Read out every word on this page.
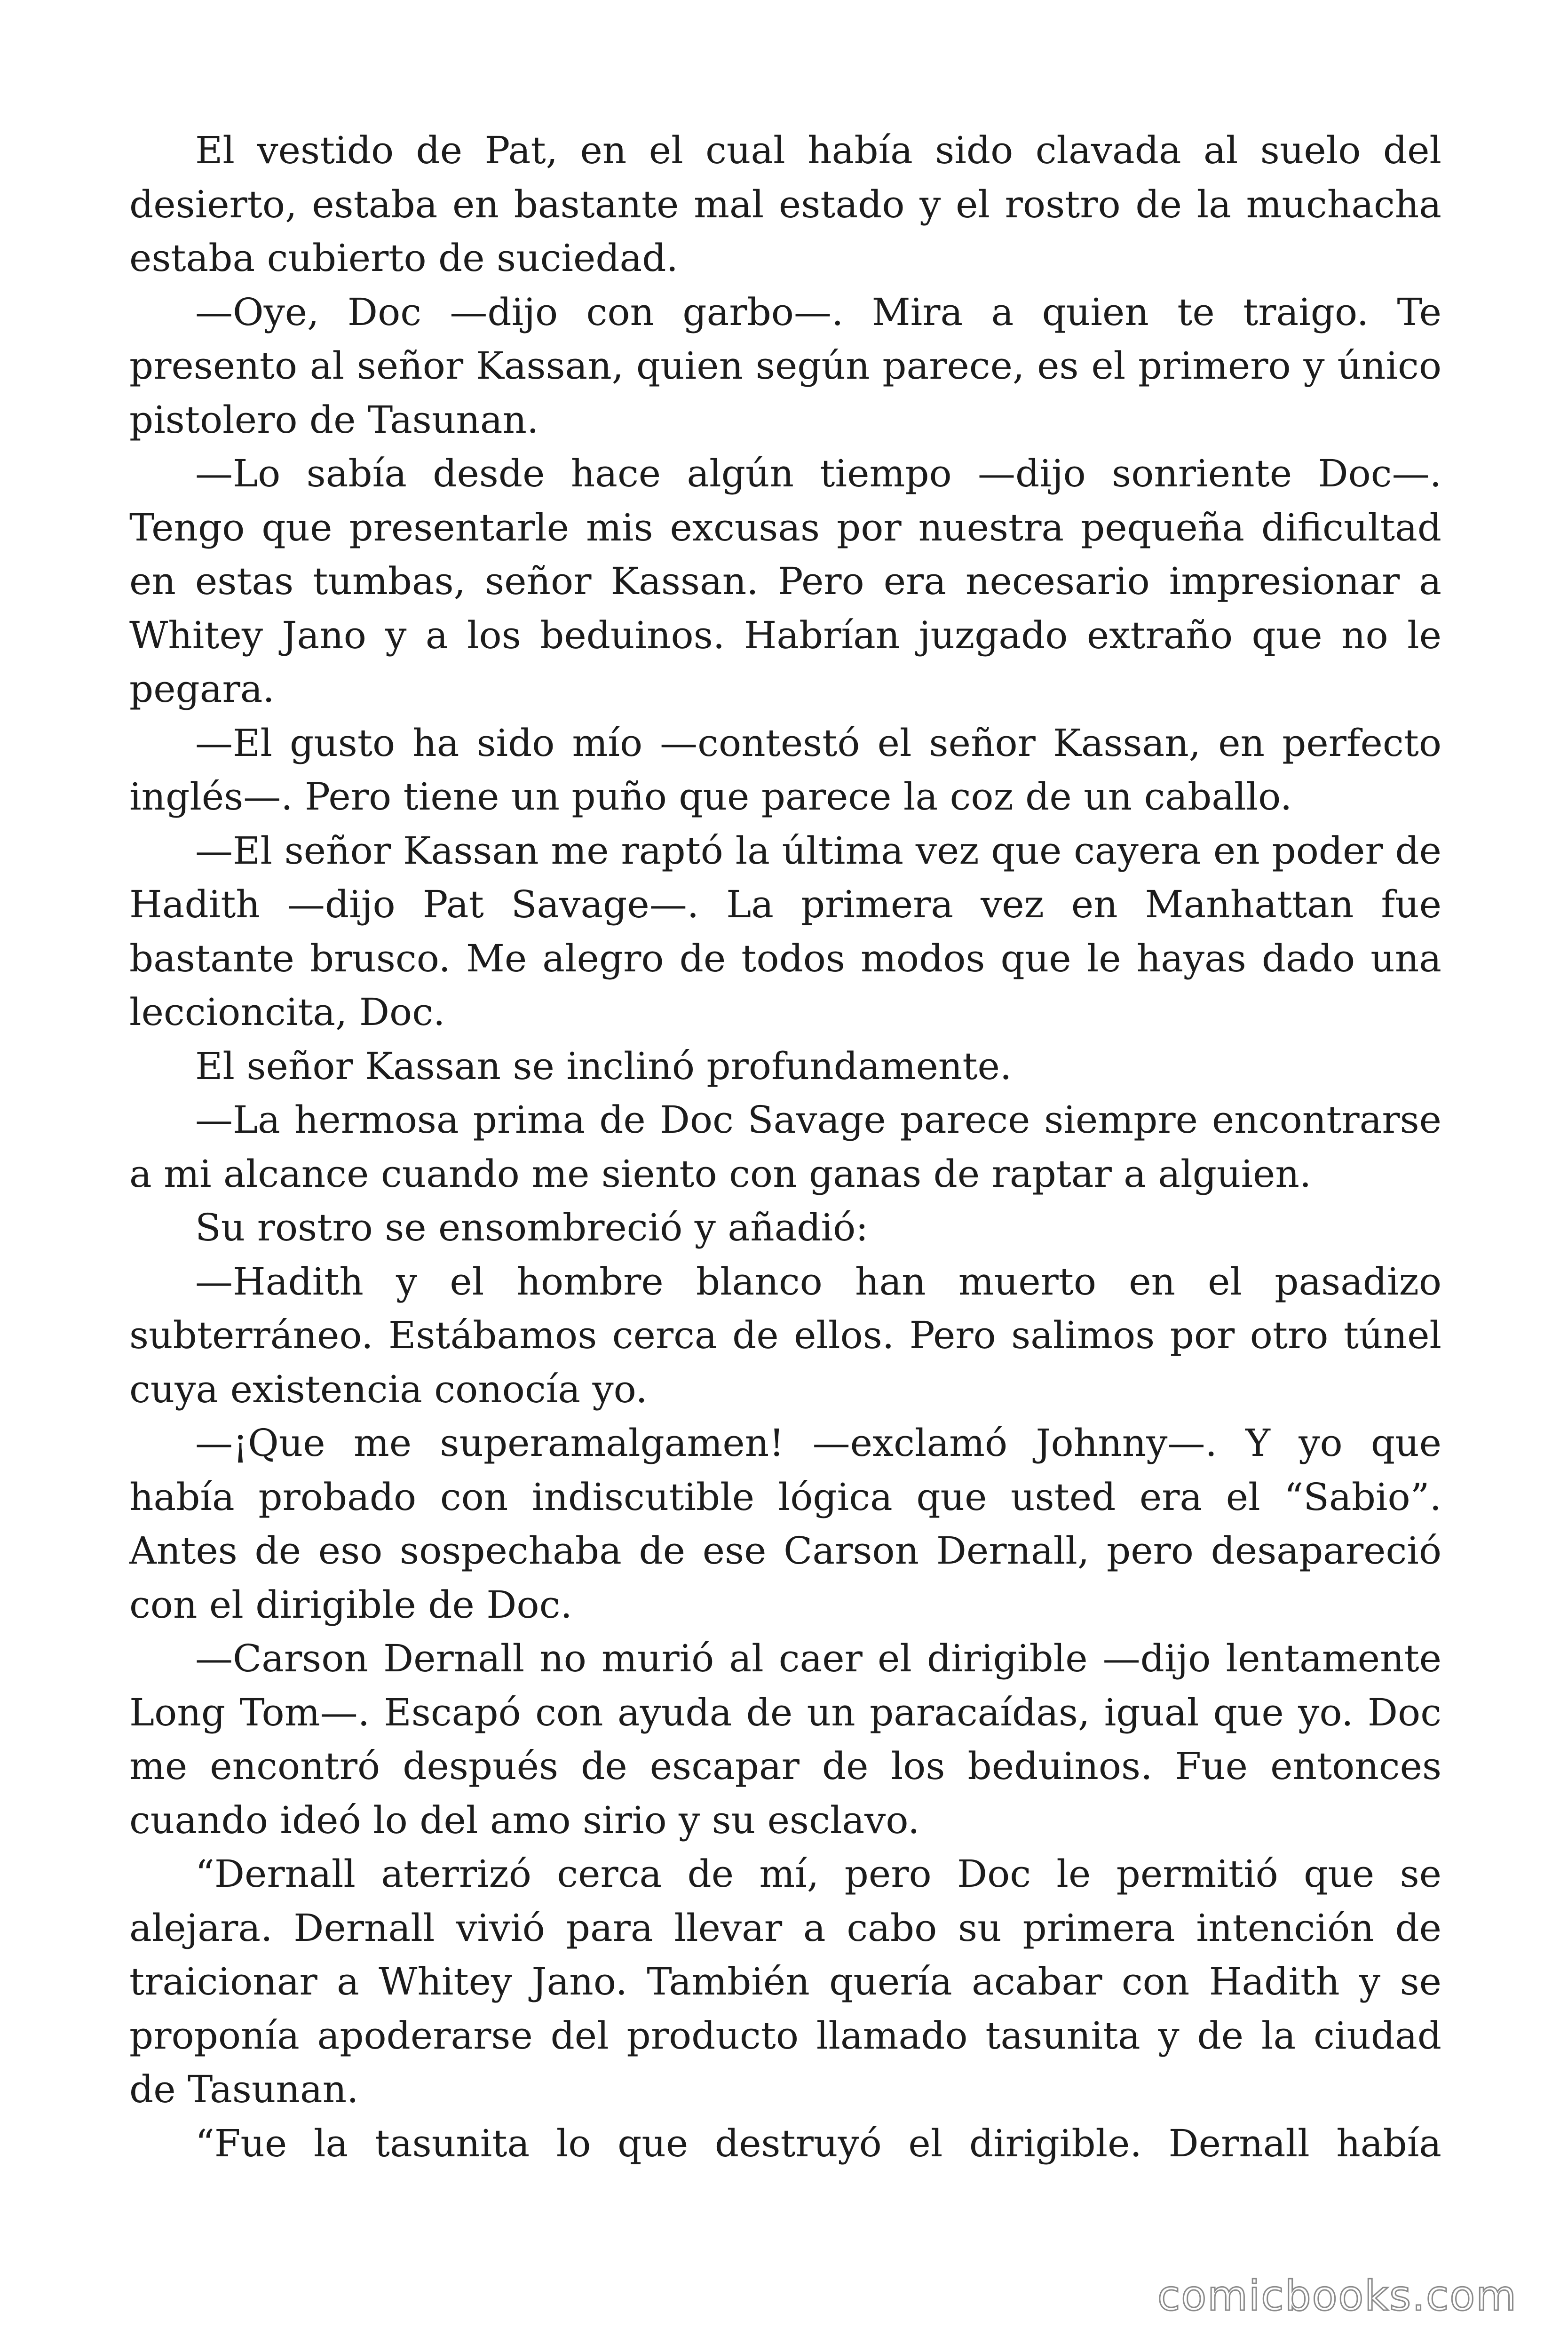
El vestido de Pat, en el cual había sido clavada al suelo del desierto, estaba en bastante mal estado y el rostro de la muchacha estaba cubierto de suciedad.

—Oye, Doc —dijo con garbo—. Mira a quien te traigo. Te presento al señor Kassan, quien según parece, es el primero y único pistolero de Tasunan.

—Lo sabía desde hace algún tiempo —dijo sonriente Doc—. Tengo que presentarle mis excusas por nuestra pequeña dificultad en estas tumbas, señor Kassan. Pero era necesario impresionar a Whitey Jano y a los beduinos. Habrían juzgado extraño que no le pegara.

—El gusto ha sido mío —contestó el señor Kassan, en perfecto inglés—. Pero tiene un puño que parece la coz de un caballo.

—El señor Kassan me raptó la última vez que cayera en poder de Hadith —dijo Pat Savage—. La primera vez en Manhattan fue bastante brusco. Me alegro de todos modos que le hayas dado una leccioncita, Doc.

El señor Kassan se inclinó profundamente.

—La hermosa prima de Doc Savage parece siempre encontrarse a mi alcance cuando me siento con ganas de raptar a alguien.

Su rostro se ensombreció y añadió:

—Hadith y el hombre blanco han muerto en el pasadizo subterráneo. Estábamos cerca de ellos. Pero salimos por otro túnel cuya existencia conocía yo.

—¡Que me superamalgamen! —exclamó Johnny—. Y yo que había probado con indiscutible lógica que usted era el “Sabio”. Antes de eso sospechaba de ese Carson Dernall, pero desapareció con el dirigible de Doc.

—Carson Dernall no murió al caer el dirigible —dijo lentamente Long Tom—. Escapó con ayuda de un paracaídas, igual que yo. Doc me encontró después de escapar de los beduinos. Fue entonces cuando ideó lo del amo sirio y su esclavo.

“Dernall aterrizó cerca de mí, pero Doc le permitió que se alejara. Dernall vivió para llevar a cabo su primera intención de traicionar a Whitey Jano. También quería acabar con Hadith y se proponía apoderarse del producto llamado tasunita y de la ciudad de Tasunan.

“Fue la tasunita lo que destruyó el dirigible. Dernall había

comicbooks.com
